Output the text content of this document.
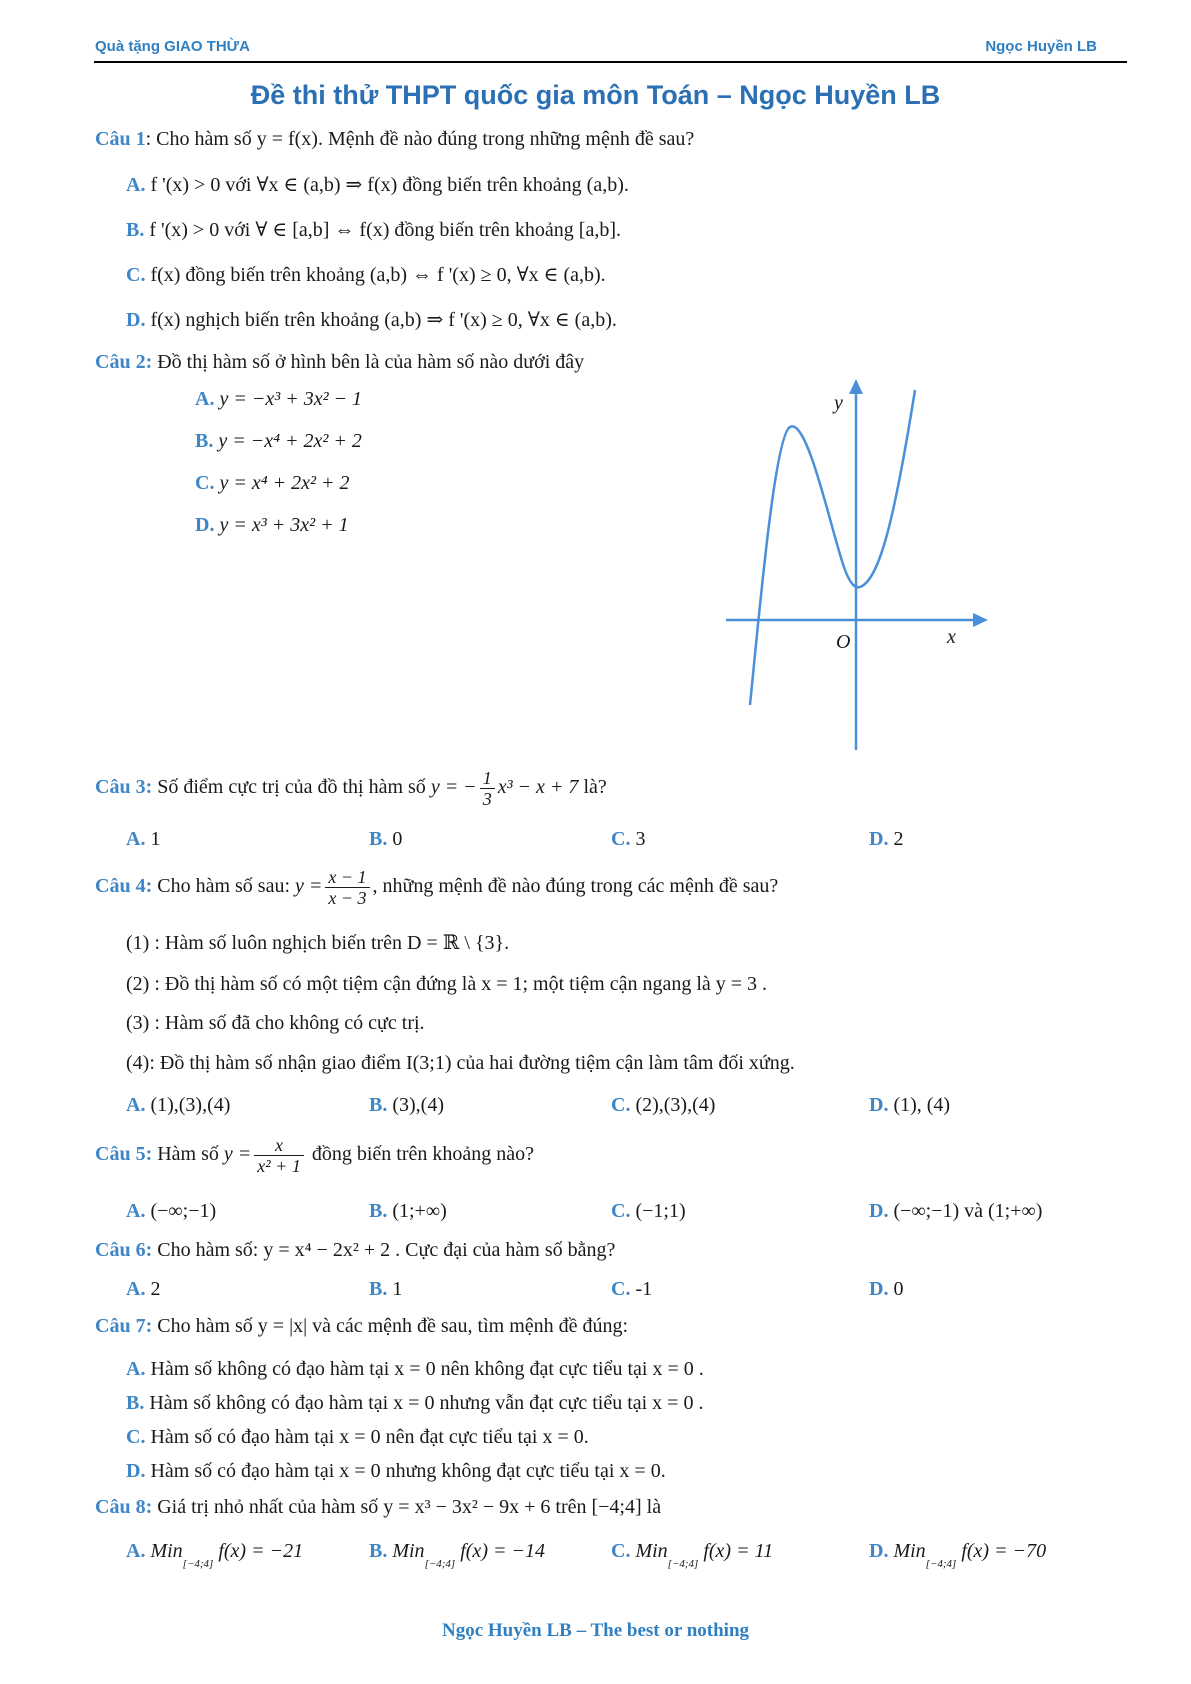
Quà tặng GIAO THỪA	Ngọc Huyền LB
Đề thi thử THPT quốc gia môn Toán – Ngọc Huyền LB
Câu 1: Cho hàm số y = f(x). Mệnh đề nào đúng trong những mệnh đề sau?
A. f '(x) > 0 với ∀x ∈ (a,b) ⇒ f(x) đồng biến trên khoảng (a,b).
B. f '(x) > 0 với ∀ ∈ [a,b] ⇔ f(x) đồng biến trên khoảng [a,b].
C. f(x) đồng biến trên khoảng (a,b) ⇔ f '(x) ≥ 0, ∀x ∈ (a,b).
D. f(x) nghịch biến trên khoảng (a,b) ⇒ f '(x) ≥ 0, ∀x ∈ (a,b).
Câu 2: Đồ thị hàm số ở hình bên là của hàm số nào dưới đây
A. y = −x³ + 3x² − 1
B. y = −x⁴ + 2x² + 2
C. y = x⁴ + 2x² + 2
D. y = x³ + 3x² + 1
y
x
O
Câu 3: Số điểm cực trị của đồ thị hàm số y = − $\frac{1}{3} x^3 - x + 7$ là?
A. 1	B. 0	C. 3	D. 2
Câu 4: Cho hàm số sau: $y = \frac{x - 1}{x - 3}$ , những mệnh đề nào đúng trong các mệnh đề sau?
(1) : Hàm số luôn nghịch biến trên D = ℝ \ {3}.
(2) : Đồ thị hàm số có một tiệm cận đứng là x = 1; một tiệm cận ngang là y = 3 .
(3) : Hàm số đã cho không có cực trị.
(4): Đồ thị hàm số nhận giao điểm I(3;1) của hai đường tiệm cận làm tâm đối xứng.
A. (1),(3),(4)	B. (3),(4)	C. (2),(3),(4)	D. (1), (4)
Câu 5: Hàm số $y = \frac{x}{\text{x² + 1}}$ đồng biến trên khoảng nào?
A. (−∞;−1)	B. (1;+∞)	C. (−1;1)	D. (−∞;−1) và (1;+∞)
Câu 6: Cho hàm số: y = x⁴ − 2x² + 2 . Cực đại của hàm số bằng?
A. 2	B. 1	C. -1	D. 0
Câu 7: Cho hàm số y = |x| và các mệnh đề sau, tìm mệnh đề đúng:
A. Hàm số không có đạo hàm tại x = 0 nên không đạt cực tiểu tại x = 0 .
B. Hàm số không có đạo hàm tại x = 0 nhưng vẫn đạt cực tiểu tại x = 0 .
C. Hàm số có đạo hàm tại x = 0 nên đạt cực tiểu tại x = 0.
D. Hàm số có đạo hàm tại x = 0 nhưng không đạt cực tiểu tại x = 0.
Câu 8: Giá trị nhỏ nhất của hàm số y = x³ − 3x² − 9x + 6 trên [−4;4] là
A. Min$_{[-4;4]}$ f(x) = −21	B. Min$_{[-4;4]}$ f(x) = −14	C. Min$_{[-4;4]}$ f(x) = 11	D. Min$_{[-4;4]}$ f(x) = −70
Ngọc Huyền LB – The best or nothing
